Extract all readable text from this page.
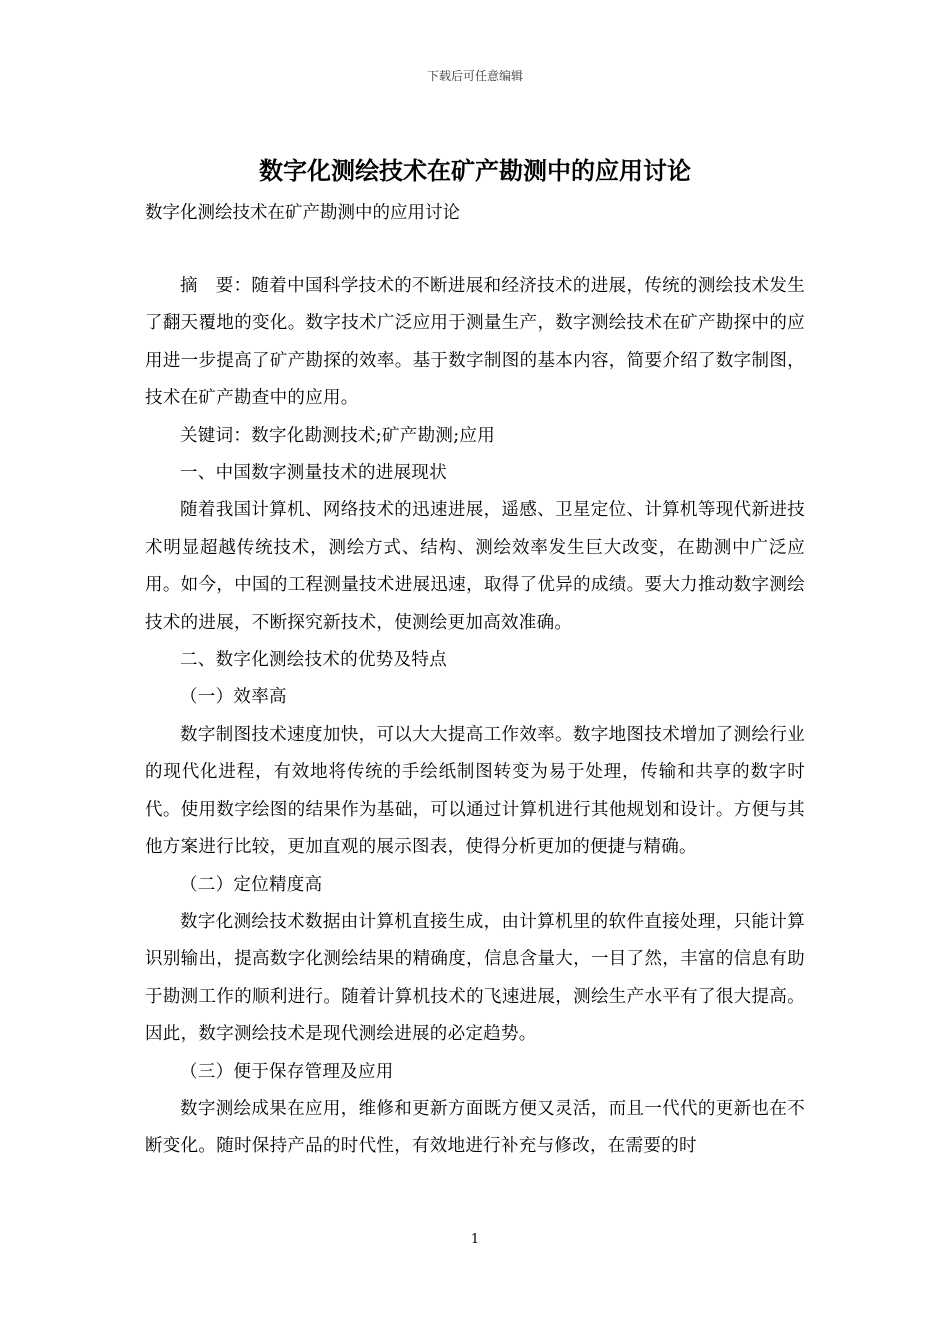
下载后可任意编辑
数字化测绘技术在矿产勘测中的应用讨论

数字化测绘技术在矿产勘测中的应用讨论

摘　要：随着中国科学技术的不断进展和经济技术的进展，传统的测绘技术发生了翻天覆地的变化。数字技术广泛应用于测量生产，数字测绘技术在矿产勘探中的应用进一步提高了矿产勘探的效率。基于数字制图的基本内容，简要介绍了数字制图，技术在矿产勘查中的应用。

关键词：数字化勘测技术;矿产勘测;应用

一、中国数字测量技术的进展现状

随着我国计算机、网络技术的迅速进展，遥感、卫星定位、计算机等现代新进技术明显超越传统技术，测绘方式、结构、测绘效率发生巨大改变，在勘测中广泛应用。如今，中国的工程测量技术进展迅速，取得了优异的成绩。要大力推动数字测绘技术的进展，不断探究新技术，使测绘更加高效准确。

二、数字化测绘技术的优势及特点

（一）效率高

数字制图技术速度加快，可以大大提高工作效率。数字地图技术增加了测绘行业的现代化进程，有效地将传统的手绘纸制图转变为易于处理，传输和共享的数字时代。使用数字绘图的结果作为基础，可以通过计算机进行其他规划和设计。方便与其他方案进行比较，更加直观的展示图表，使得分析更加的便捷与精确。

（二）定位精度高

数字化测绘技术数据由计算机直接生成，由计算机里的软件直接处理，只能计算识别输出，提高数字化测绘结果的精确度，信息含量大，一目了然，丰富的信息有助于勘测工作的顺利进行。随着计算机技术的飞速进展，测绘生产水平有了很大提高。因此，数字测绘技术是现代测绘进展的必定趋势。

（三）便于保存管理及应用

数字测绘成果在应用，维修和更新方面既方便又灵活，而且一代代的更新也在不断变化。随时保持产品的时代性，有效地进行补充与修改，在需要的时

1
